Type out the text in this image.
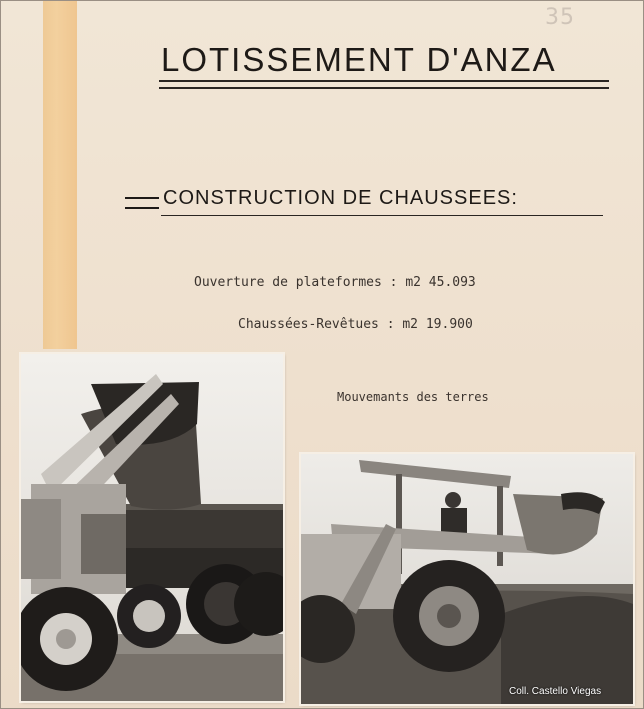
35
LOTISSEMENT D'ANZA
CONSTRUCTION DE CHAUSSEES:
Ouverture de plateformes : m2 45.093
Chaussées-Revêtues : m2 19.900
Mouvemants des terres
Coll. Castello Viegas
